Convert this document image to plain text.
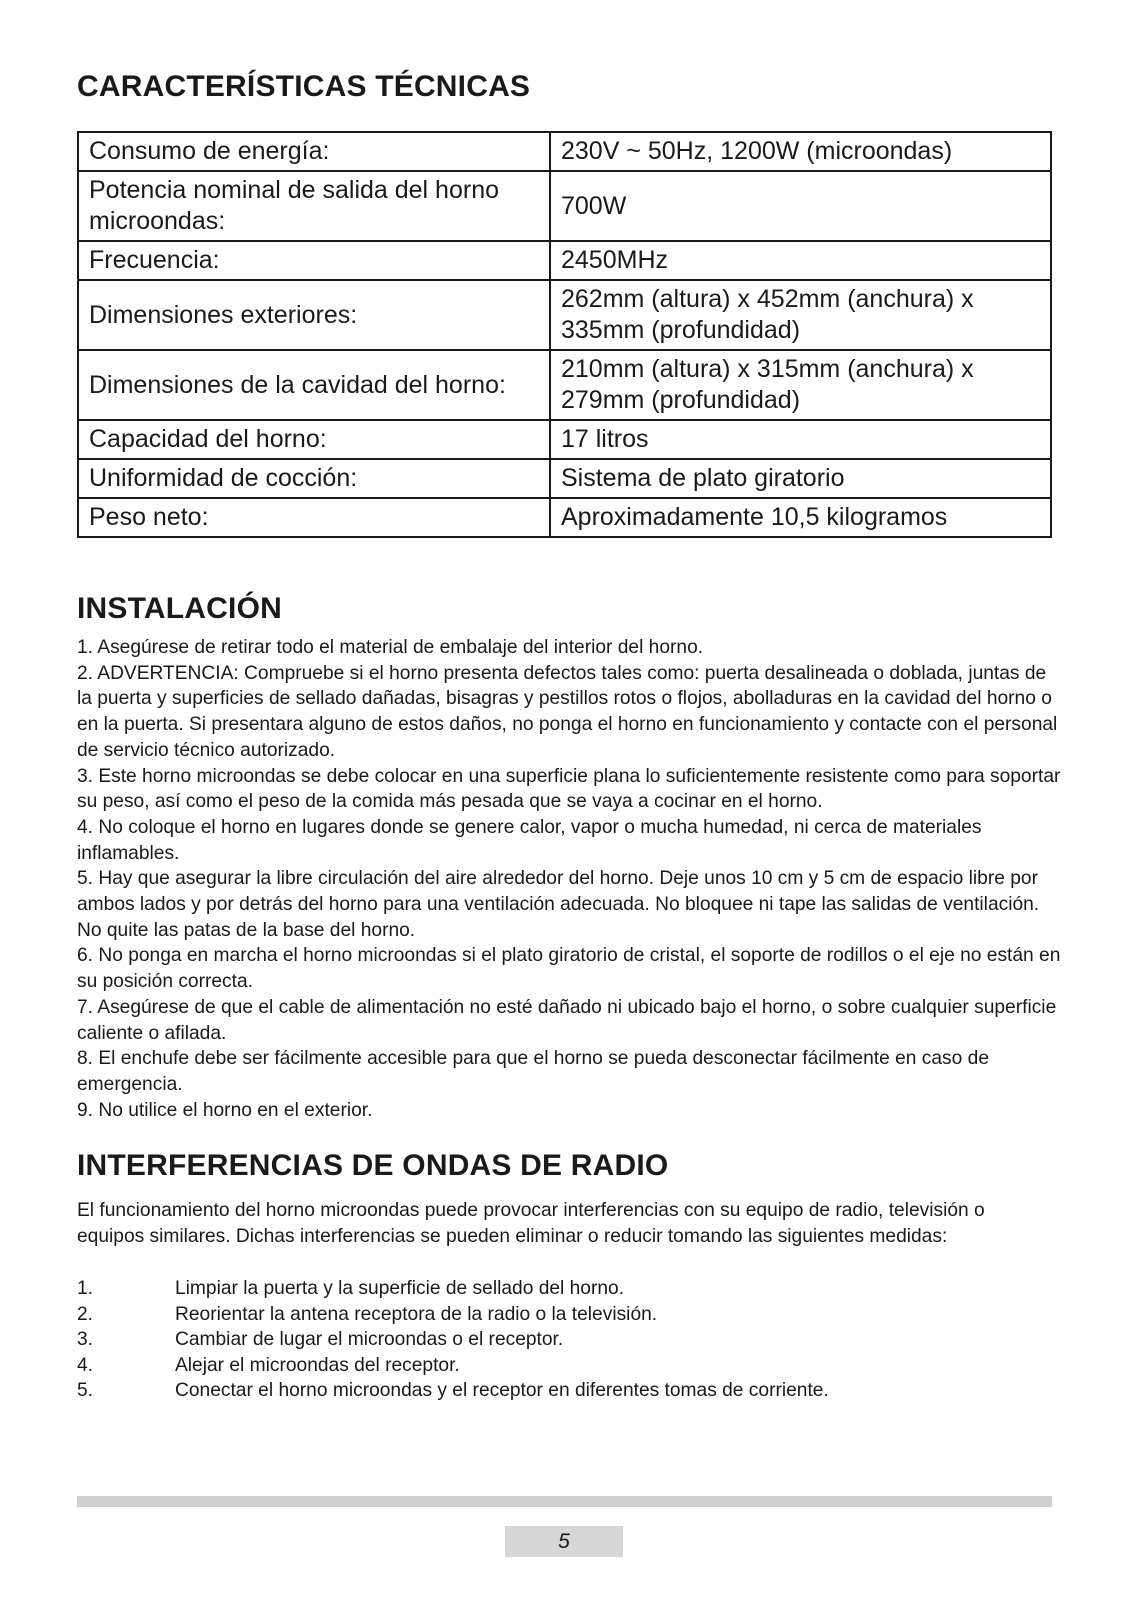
CARACTERÍSTICAS TÉCNICAS
Consumo de energía:	230V ~ 50Hz, 1200W (microondas)
Potencia nominal de salida del horno microondas:	700W
Frecuencia:	2450MHz
Dimensiones exteriores:	262mm (altura) x 452mm (anchura) x 335mm (profundidad)
Dimensiones de la cavidad del horno:	210mm (altura) x 315mm (anchura) x 279mm (profundidad)
Capacidad del horno:	17 litros
Uniformidad de cocción:	Sistema de plato giratorio
Peso neto:	Aproximadamente 10,5 kilogramos
INSTALACIÓN
1. Asegúrese de retirar todo el material de embalaje del interior del horno.
2. ADVERTENCIA: Compruebe si el horno presenta defectos tales como: puerta desalineada o doblada, juntas de la puerta y superficies de sellado dañadas, bisagras y pestillos rotos o flojos, abolladuras en la cavidad del horno o en la puerta. Si presentara alguno de estos daños, no ponga el horno en funcionamiento y contacte con el personal de servicio técnico autorizado.
3. Este horno microondas se debe colocar en una superficie plana lo suficientemente resistente como para soportar su peso, así como el peso de la comida más pesada que se vaya a cocinar en el horno.
4. No coloque el horno en lugares donde se genere calor, vapor o mucha humedad, ni cerca de materiales inflamables.
5. Hay que asegurar la libre circulación del aire alrededor del horno. Deje unos 10 cm y 5 cm de espacio libre por ambos lados y por detrás del horno para una ventilación adecuada. No bloquee ni tape las salidas de ventilación. No quite las patas de la base del horno.
6. No ponga en marcha el horno microondas si el plato giratorio de cristal, el soporte de rodillos o el eje no están en su posición correcta.
7. Asegúrese de que el cable de alimentación no esté dañado ni ubicado bajo el horno, o sobre cualquier superficie caliente o afilada.
8. El enchufe debe ser fácilmente accesible para que el horno se pueda desconectar fácilmente en caso de emergencia.
9. No utilice el horno en el exterior.
INTERFERENCIAS DE ONDAS DE RADIO

El funcionamiento del horno microondas puede provocar interferencias con su equipo de radio, televisión o equipos similares. Dichas interferencias se pueden eliminar o reducir tomando las siguientes medidas:

1.	Limpiar la puerta y la superficie de sellado del horno.
2.	Reorientar la antena receptora de la radio o la televisión.
3.	Cambiar de lugar el microondas o el receptor.
4.	Alejar el microondas del receptor.
5.	Conectar el horno microondas y el receptor en diferentes tomas de corriente.
5
